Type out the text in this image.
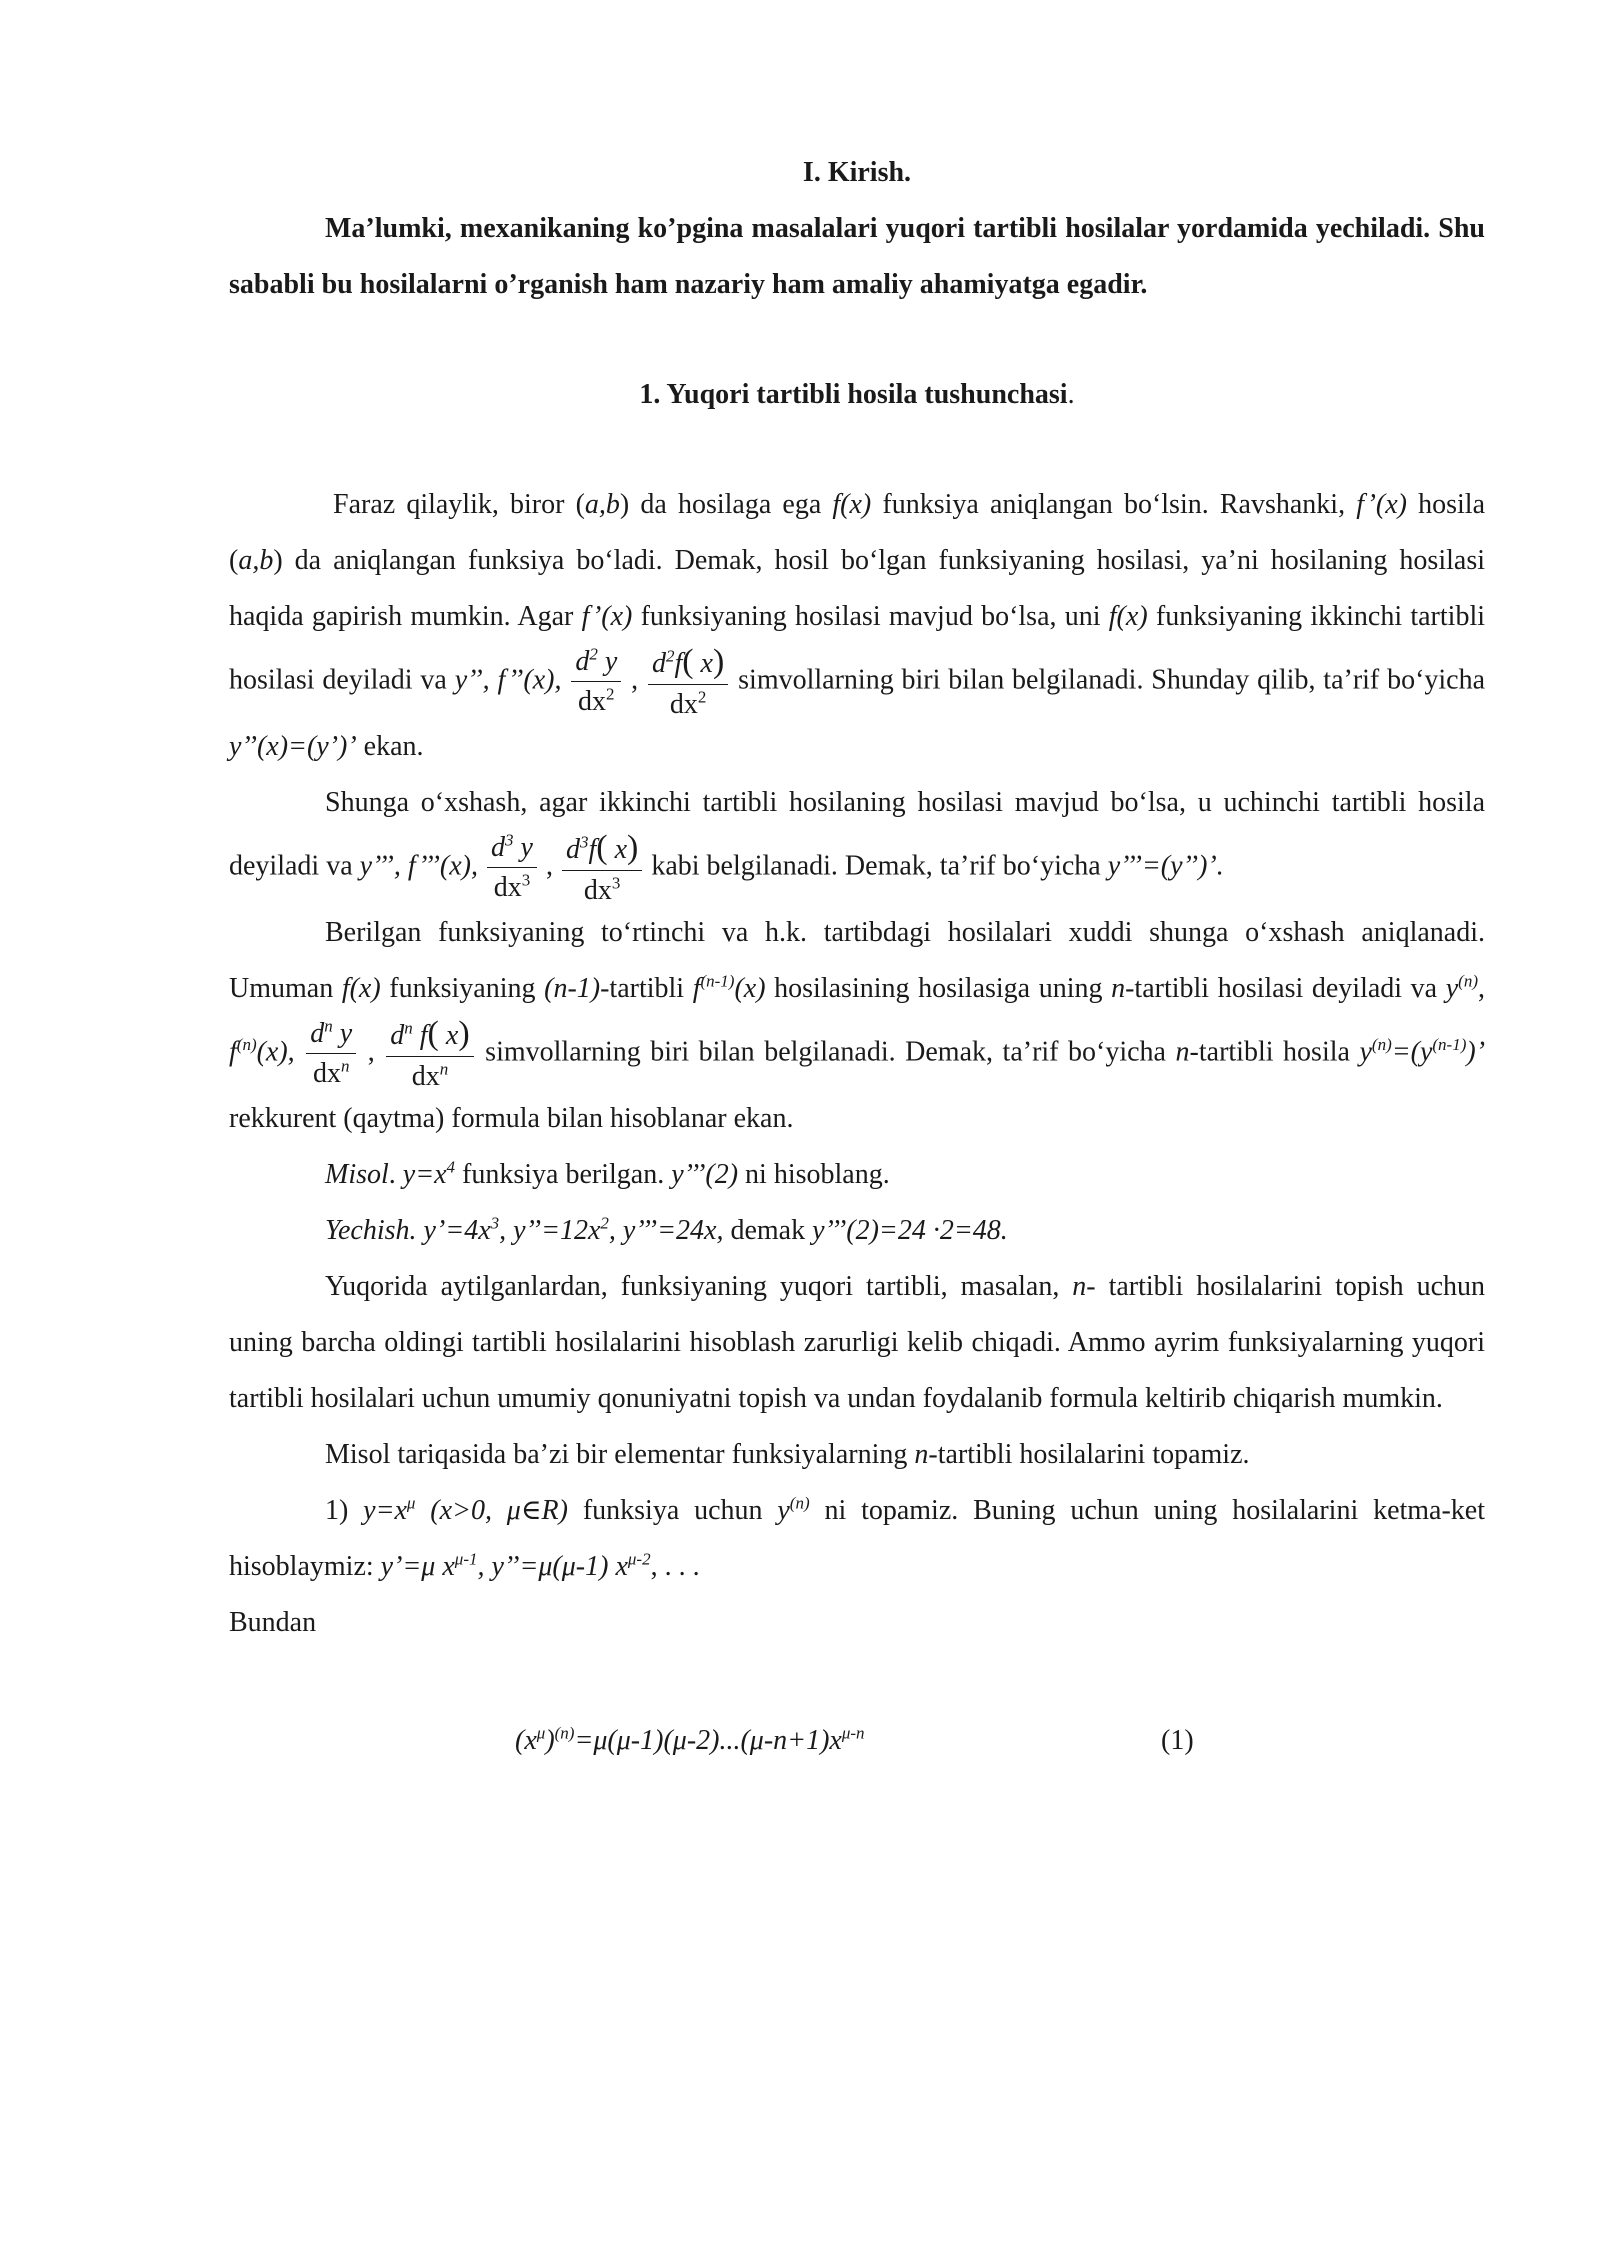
I. Kirish.

Ma’lumki, mexanikaning ko’pgina masalalari yuqori tartibli hosilalar yordamida yechiladi. Shu sababli bu hosilalarni o’rganish ham nazariy ham amaliy ahamiyatga egadir.

1. Yuqori tartibli hosila tushunchasi.

Faraz qilaylik, biror (a,b) da hosilaga ega f(x) funksiya aniqlangan bo‘lsin. Ravshanki, f’(x) hosila (a,b) da aniqlangan funksiya bo‘ladi. Demak, hosil bo‘lgan funksiyaning hosilasi, ya’ni hosilaning hosilasi haqida gapirish mumkin. Agar f’(x) funksiyaning hosilasi mavjud bo‘lsa, uni f(x) funksiyaning ikkinchi tartibli hosilasi deyiladi va y’’, f’’(x), $\frac{d^2 y}{dx^2}$ , $\frac{d^2f( x)}{dx^2}$ simvollarning biri bilan belgilanadi. Shunday qilib, ta’rif bo‘yicha y’’(x)=(y’)’ ekan.

Shunga o‘xshash, agar ikkinchi tartibli hosilaning hosilasi mavjud bo‘lsa, u uchinchi tartibli hosila deyiladi va y’’’, f’’’(x), $\frac{d^3 y}{dx^3}$ , $\frac{d^3f( x)}{dx^3}$ kabi belgilanadi. Demak, ta’rif bo‘yicha y’’’=(y’’)’.

Berilgan funksiyaning to‘rtinchi va h.k. tartibdagi hosilalari xuddi shunga o‘xshash aniqlanadi. Umuman f(x) funksiyaning (n-1)-tartibli $f^{(n-1)}(x)$ hosilasining hosilasiga uning n-tartibli hosilasi deyiladi va $y^{(n)}$, $f^{(n)}(x)$, $\frac{d^n y}{dx^n}$ , $\frac{d^n f( x)}{dx^n}$ simvollarning biri bilan belgilanadi. Demak, ta’rif bo‘yicha n-tartibli hosila $y^{(n)}=(y^{(n-1)})$’ rekkurent (qaytma) formula bilan hisoblanar ekan.

Misol. $y=x^4$ funksiya berilgan. y’’’(2) ni hisoblang.

Yechish. $y’=4x^3$, $y’’=12x^2$, y’’’=24x, demak y’’’(2)=24 ·2=48.

Yuqorida aytilganlardan, funksiyaning yuqori tartibli, masalan, n- tartibli hosilalarini topish uchun uning barcha oldingi tartibli hosilalarini hisoblash zarurligi kelib chiqadi. Ammo ayrim funksiyalarning yuqori tartibli hosilalari uchun umumiy qonuniyatni topish va undan foydalanib formula keltirib chiqarish mumkin.

Misol tariqasida ba’zi bir elementar funksiyalarning n-tartibli hosilalarini topamiz.

1) $y=x^\mu$ (x>0, μ∈R) funksiya uchun $y^{(n)}$ ni topamiz. Buning uchun uning hosilalarini ketma-ket hisoblaymiz: y’=μ $x^{\mu-1}$, y’’=μ(μ-1) $x^{\mu-2}$, . . .

Bundan

$(x^\mu)^{(n)}=\mu(\mu-1)(\mu-2)...(\mu-n+1)x^{\mu-n}$	(1)
